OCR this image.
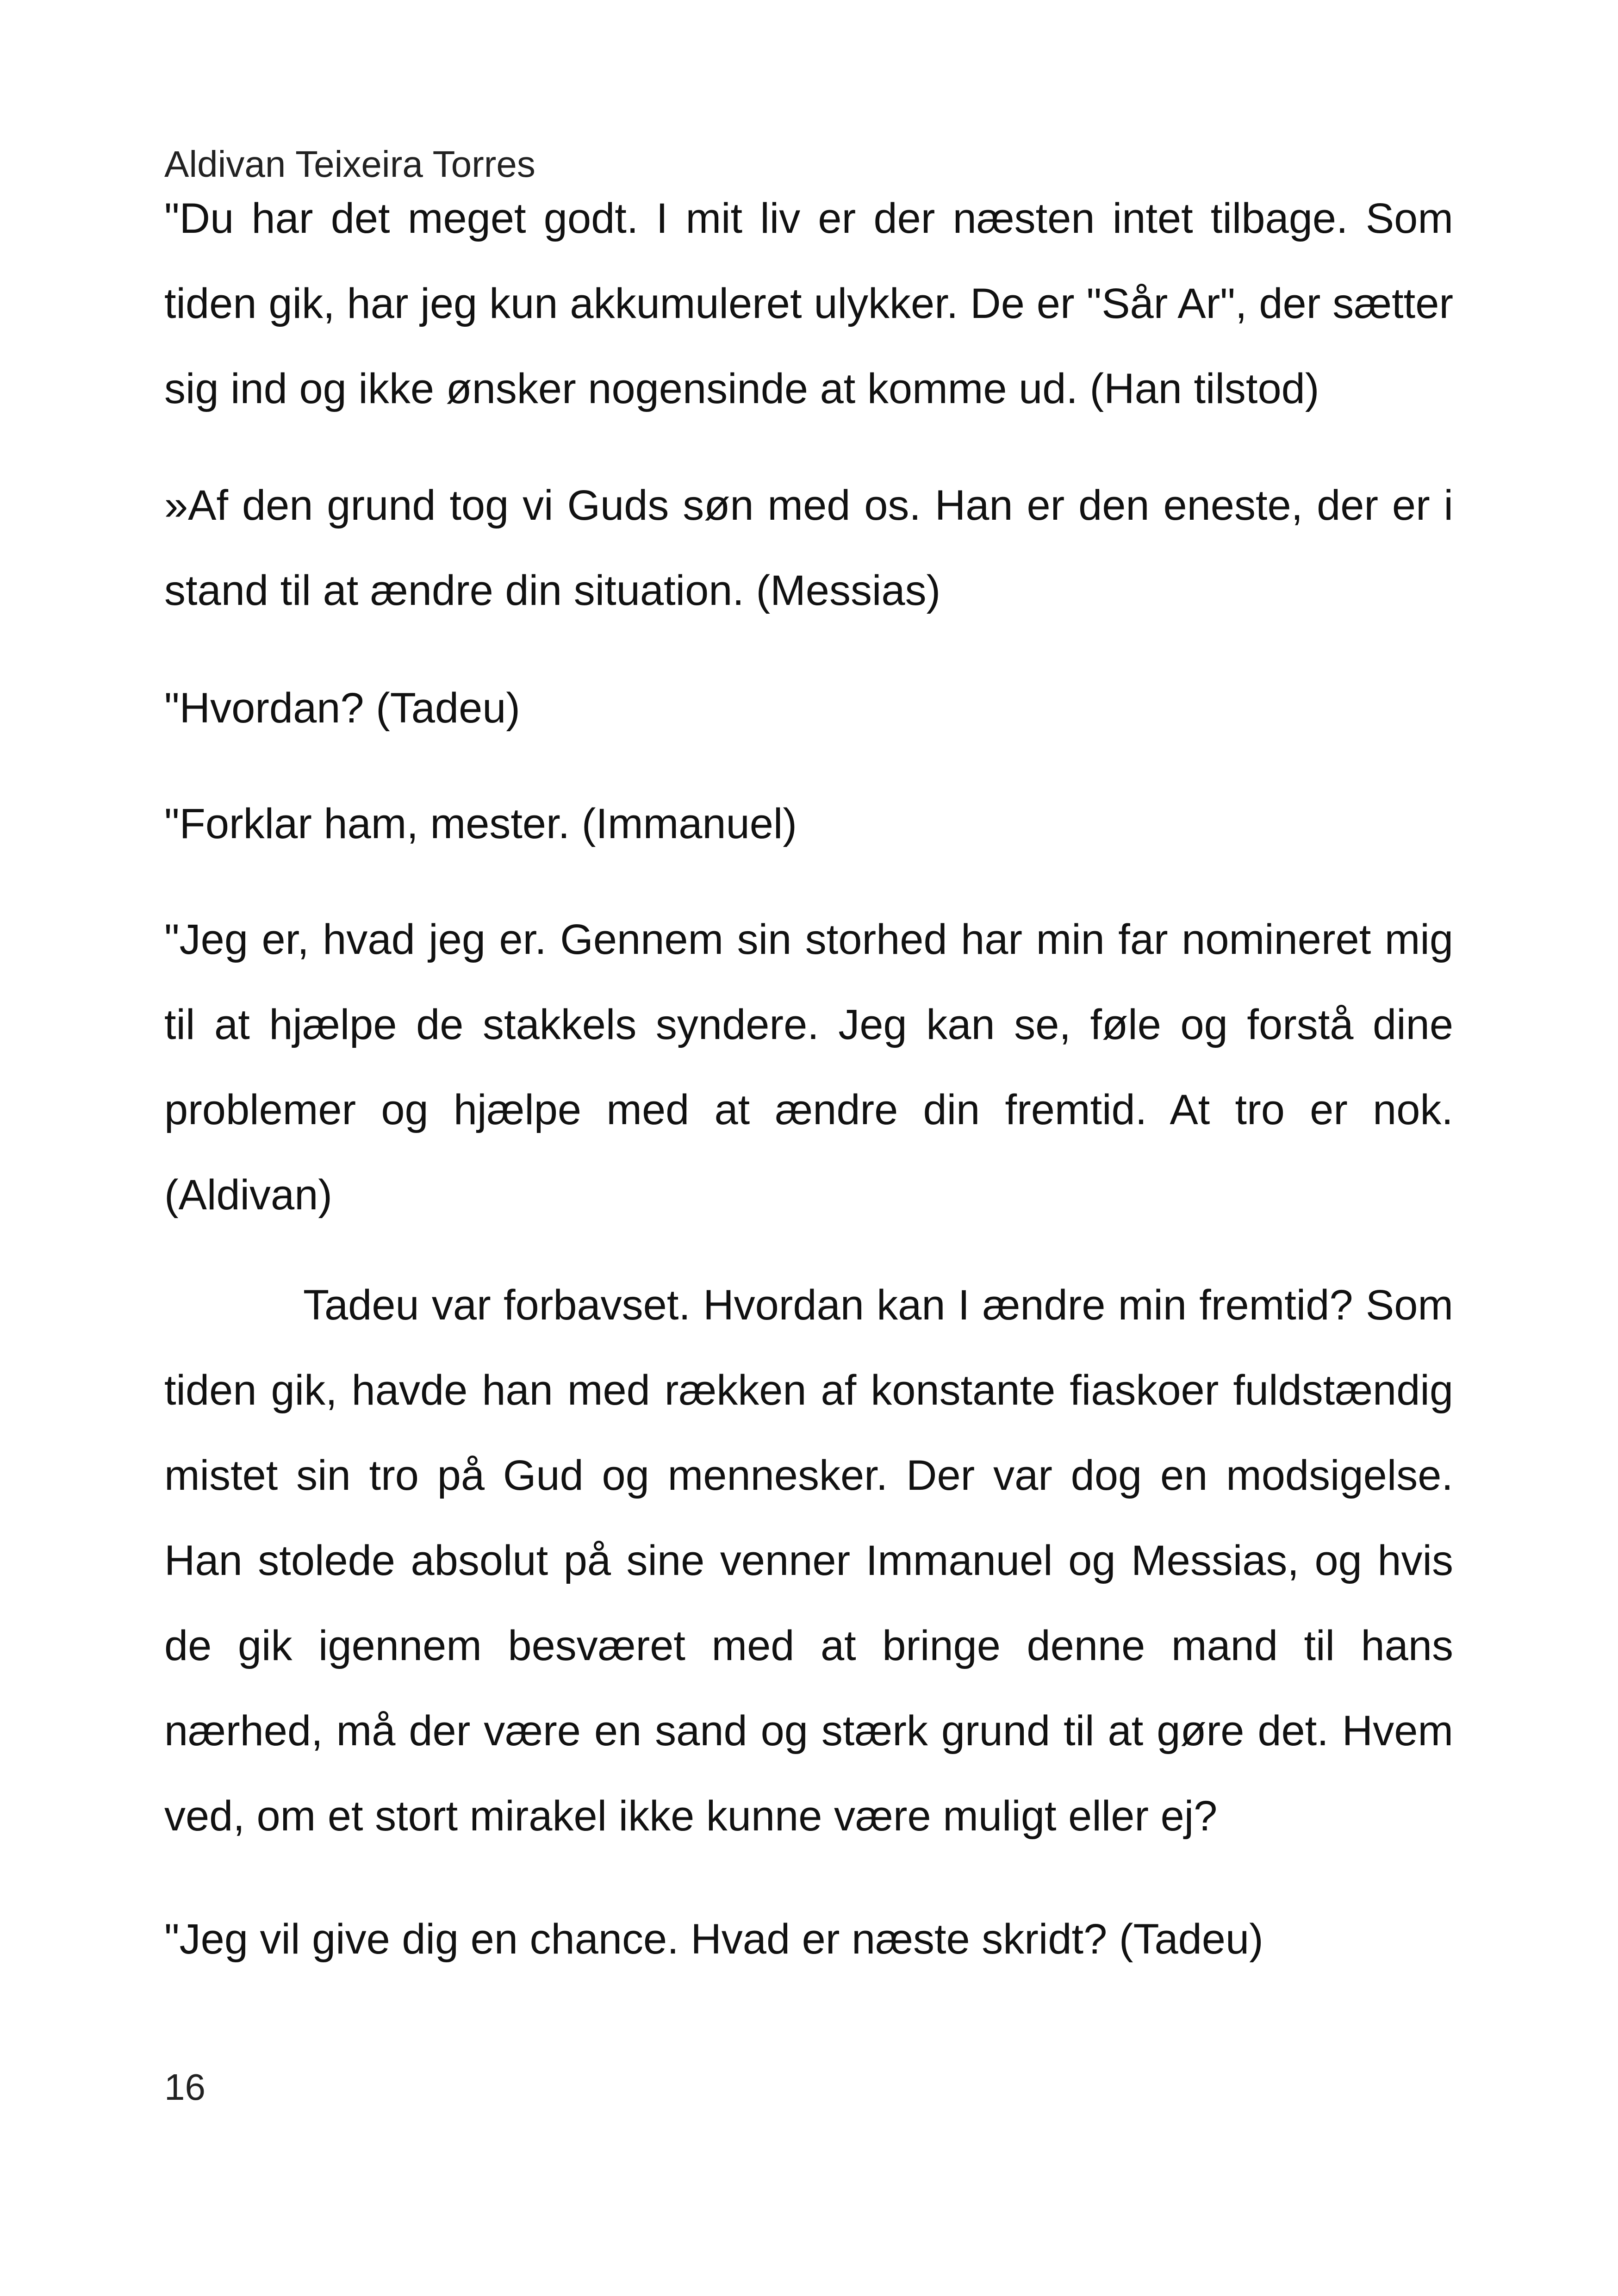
Aldivan Teixeira Torres

"Du har det meget godt. I mit liv er der næsten intet tilbage. Som tiden gik, har jeg kun akkumuleret ulykker. De er "Sår Ar", der sætter sig ind og ikke ønsker nogensinde at komme ud. (Han tilstod)

»Af den grund tog vi Guds søn med os. Han er den eneste, der er i stand til at ændre din situation. (Messias)

"Hvordan? (Tadeu)

"Forklar ham, mester. (Immanuel)

"Jeg er, hvad jeg er. Gennem sin storhed har min far nomineret mig til at hjælpe de stakkels syndere. Jeg kan se, føle og forstå dine problemer og hjælpe med at ændre din fremtid. At tro er nok. (Aldivan)

Tadeu var forbavset. Hvordan kan I ændre min fremtid? Som tiden gik, havde han med rækken af konstante fiaskoer fuldstændig mistet sin tro på Gud og mennesker. Der var dog en modsigelse. Han stolede absolut på sine venner Immanuel og Messias, og hvis de gik igennem besværet med at bringe denne mand til hans nærhed, må der være en sand og stærk grund til at gøre det. Hvem ved, om et stort mirakel ikke kunne være muligt eller ej?

"Jeg vil give dig en chance. Hvad er næste skridt? (Tadeu)

16
